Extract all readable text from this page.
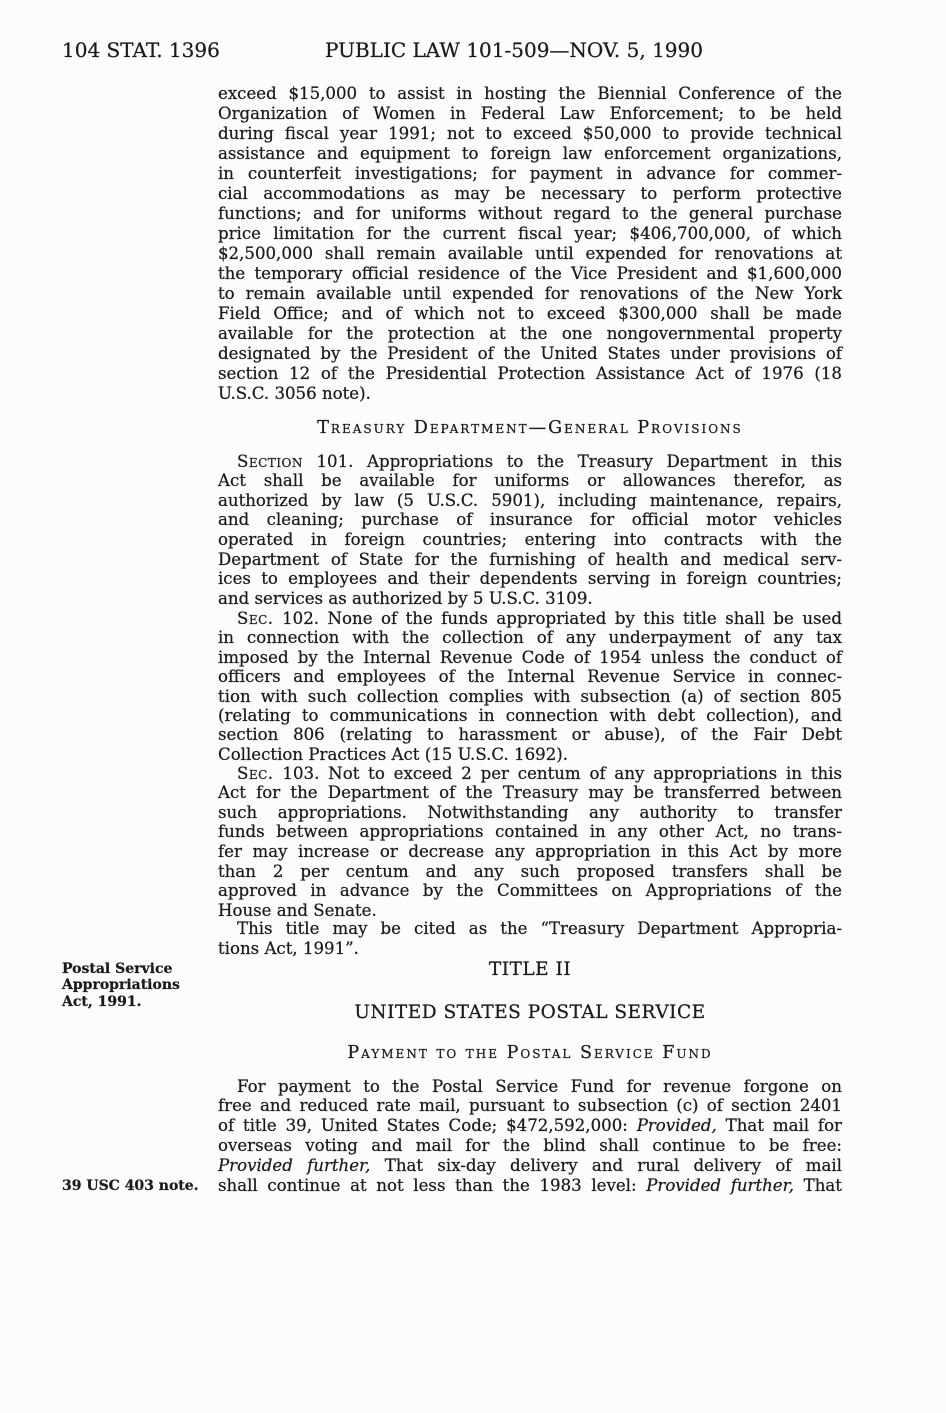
104 STAT. 1396	PUBLIC LAW 101-509—NOV. 5, 1990
exceed $15,000 to assist in hosting the Biennial Conference of the
Organization of Women in Federal Law Enforcement; to be held
during fiscal year 1991; not to exceed $50,000 to provide technical
assistance and equipment to foreign law enforcement organizations,
in counterfeit investigations; for payment in advance for commer-
cial accommodations as may be necessary to perform protective
functions; and for uniforms without regard to the general purchase
price limitation for the current fiscal year; $406,700,000, of which
$2,500,000 shall remain available until expended for renovations at
the temporary official residence of the Vice President and $1,600,000
to remain available until expended for renovations of the New York
Field Office; and of which not to exceed $300,000 shall be made
available for the protection at the one nongovernmental property
designated by the President of the United States under provisions of
section 12 of the Presidential Protection Assistance Act of 1976 (18
U.S.C. 3056 note).
Treasury Department—General Provisions
Section 101. Appropriations to the Treasury Department in this
Act shall be available for uniforms or allowances therefor, as
authorized by law (5 U.S.C. 5901), including maintenance, repairs,
and cleaning; purchase of insurance for official motor vehicles
operated in foreign countries; entering into contracts with the
Department of State for the furnishing of health and medical serv-
ices to employees and their dependents serving in foreign countries;
and services as authorized by 5 U.S.C. 3109.
Sec. 102. None of the funds appropriated by this title shall be used
in connection with the collection of any underpayment of any tax
imposed by the Internal Revenue Code of 1954 unless the conduct of
officers and employees of the Internal Revenue Service in connec-
tion with such collection complies with subsection (a) of section 805
(relating to communications in connection with debt collection), and
section 806 (relating to harassment or abuse), of the Fair Debt
Collection Practices Act (15 U.S.C. 1692).
Sec. 103. Not to exceed 2 per centum of any appropriations in this
Act for the Department of the Treasury may be transferred between
such appropriations. Notwithstanding any authority to transfer
funds between appropriations contained in any other Act, no trans-
fer may increase or decrease any appropriation in this Act by more
than 2 per centum and any such proposed transfers shall be
approved in advance by the Committees on Appropriations of the
House and Senate.
This title may be cited as the “Treasury Department Appropria-
tions Act, 1991”.
Postal Service
Appropriations
Act, 1991.
TITLE II
UNITED STATES POSTAL SERVICE
Payment to the Postal Service Fund
For payment to the Postal Service Fund for revenue forgone on
free and reduced rate mail, pursuant to subsection (c) of section 2401
of title 39, United States Code; $472,592,000: Provided, That mail for
overseas voting and mail for the blind shall continue to be free:
Provided further, That six-day delivery and rural delivery of mail
shall continue at not less than the 1983 level: Provided further, That
39 USC 403 note.
